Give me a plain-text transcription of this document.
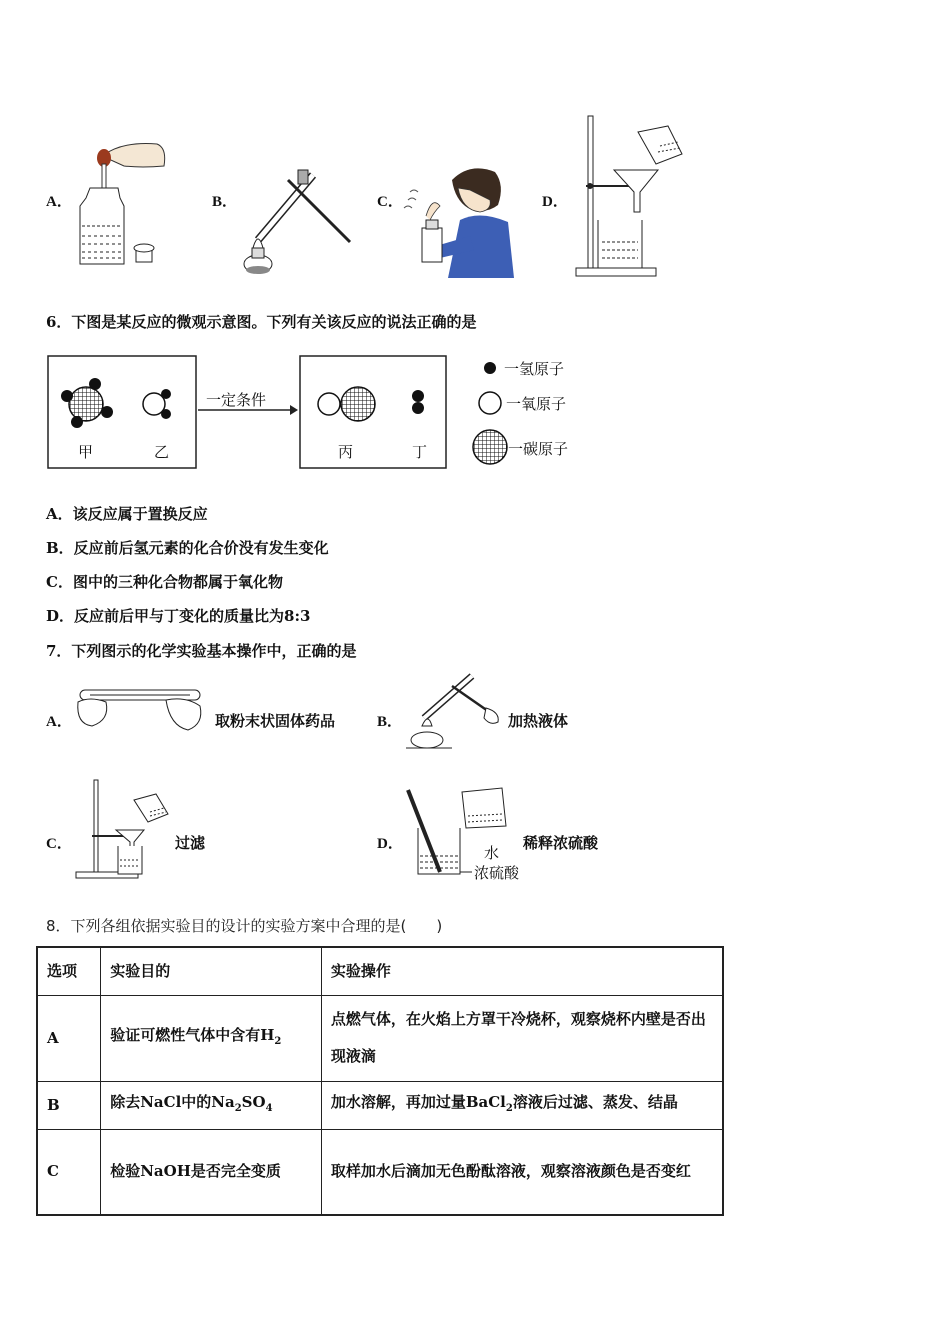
A．	B．	C．	D．
6．下图是某反应的微观示意图。下列有关该反应的说法正确的是
甲	乙	丙	丁
一定条件
一氢原子
一氧原子
一碳原子
A．该反应属于置换反应
B．反应前后氢元素的化合价没有发生变化
C．图中的三种化合物都属于氧化物
D．反应前后甲与丁变化的质量比为8:3
7．下列图示的化学实验基本操作中，正确的是
A．	取粉末状固体药品	B．	加热液体
C．	过滤	D．	水
浓硫酸
稀释浓硫酸
8．下列各组依据实验目的设计的实验方案中合理的是(　　)
选项	实验目的	实验操作
A	验证可燃性气体中含有$H_2$	点燃气体，在火焰上方罩干冷烧杯，观察烧杯内壁是否出现液滴
B	除去NaCl中的$Na_2SO_4$	加水溶解，再加过量BaCl$_2$溶液后过滤、蒸发、结晶
C	检验NaOH是否完全变质	取样加水后滴加无色酚酞溶液，观察溶液颜色是否变红
